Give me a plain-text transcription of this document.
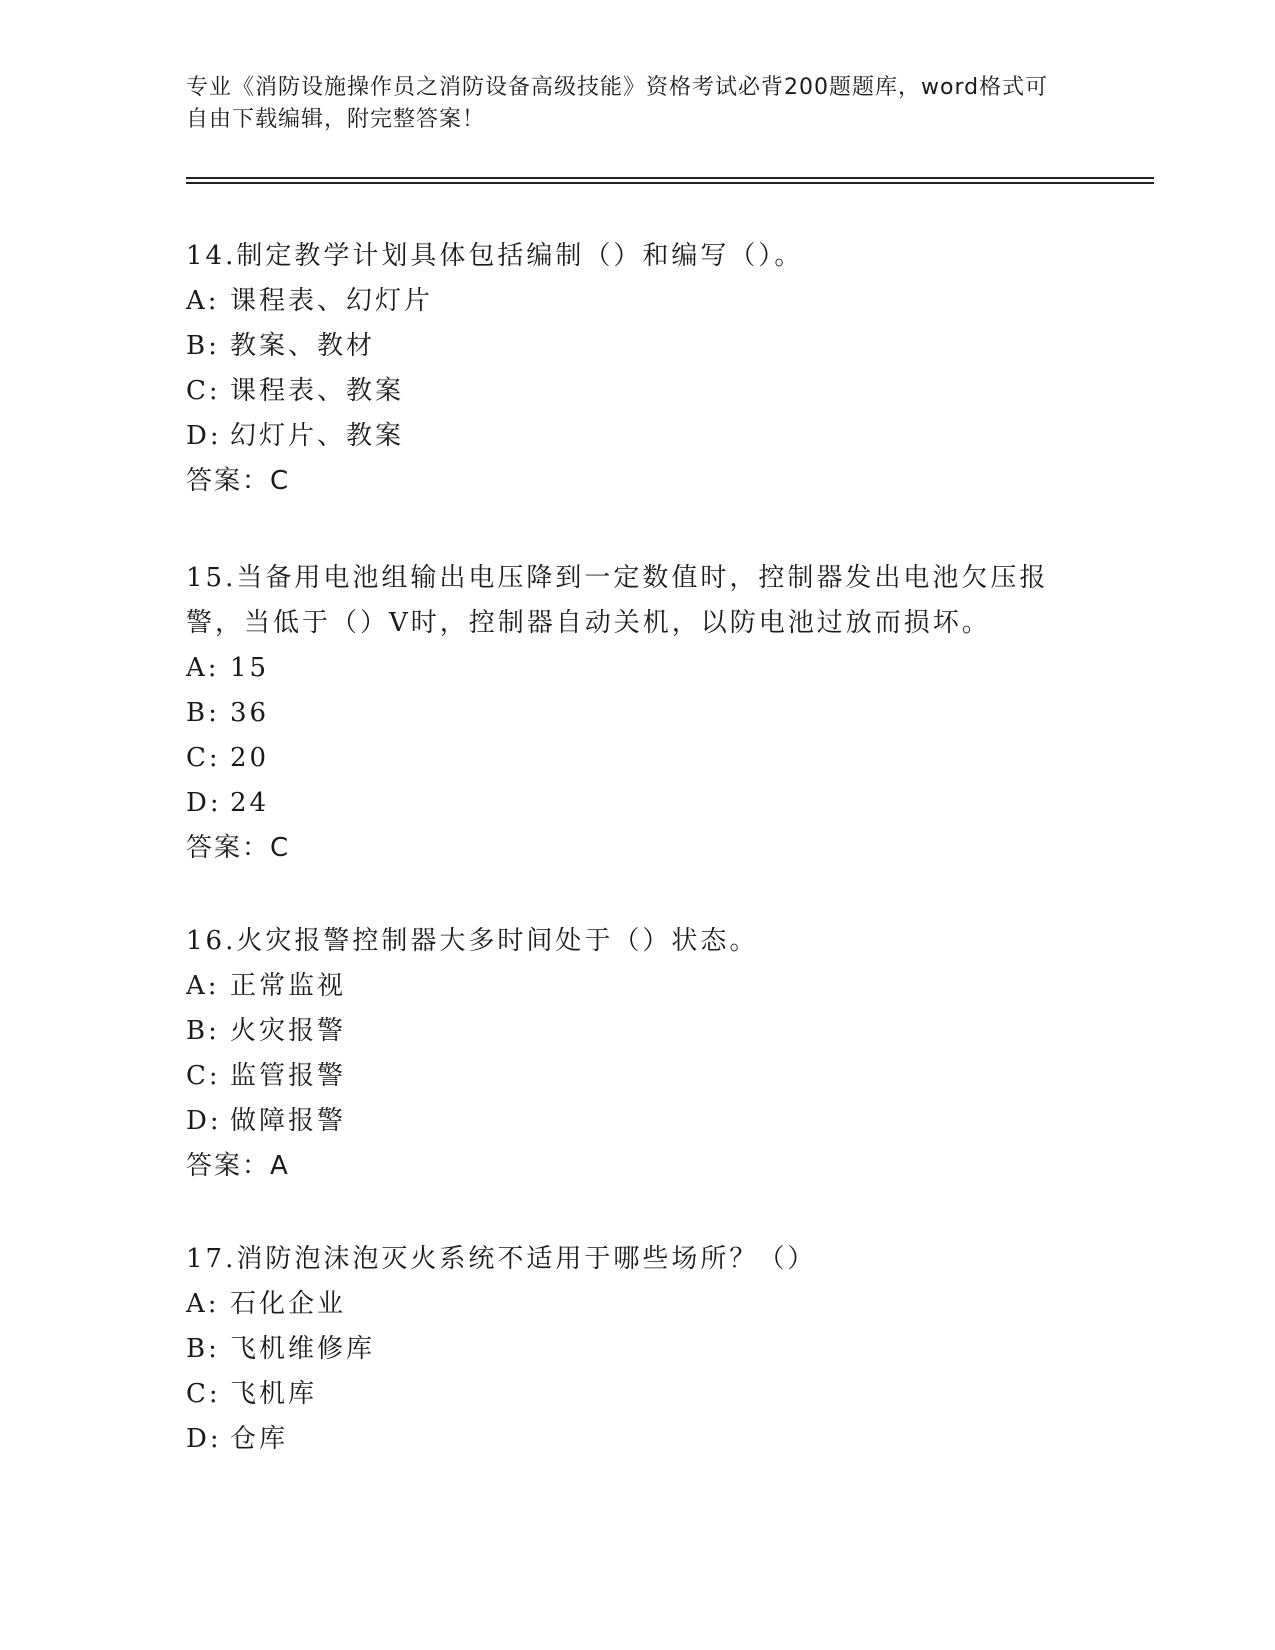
专业《消防设施操作员之消防设备高级技能》资格考试必背200题题库，word格式可自由下载编辑，附完整答案！

14.制定教学计划具体包括编制（）和编写（）。

A: 课程表、幻灯片
B: 教案、教材
C: 课程表、教案
D: 幻灯片、教案
答案：C

15.当备用电池组输出电压降到一定数值时，控制器发出电池欠压报警，当低于（）V时，控制器自动关机，以防电池过放而损坏。

A: 15
B: 36
C: 20
D: 24
答案：C

16.火灾报警控制器大多时间处于（）状态。

A: 正常监视
B: 火灾报警
C: 监管报警
D: 做障报警
答案：A

17.消防泡沫泡灭火系统不适用于哪些场所？（）

A: 石化企业
B: 飞机维修库
C: 飞机库
D: 仓库
